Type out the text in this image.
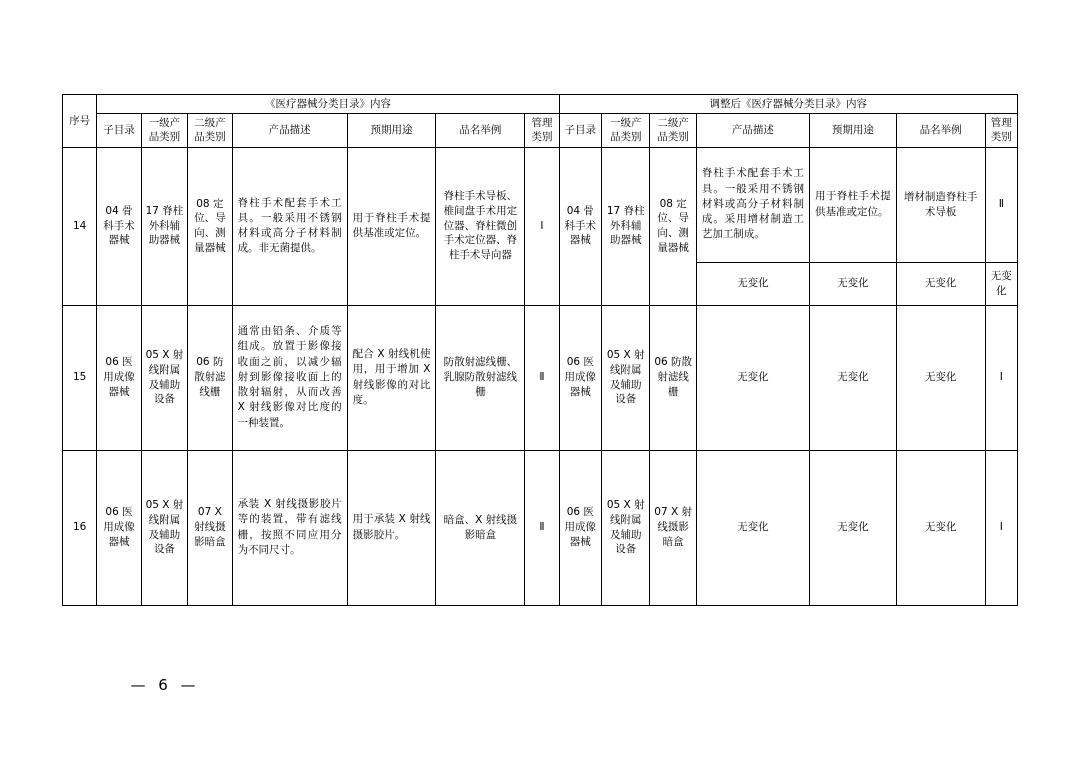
序号	《医疗器械分类目录》内容							调整后《医疗器械分类目录》内容						
	子目录	一级产品类别	二级产品类别	产品描述	预期用途	品名举例	管理类别	子目录	一级产品类别	二级产品类别	产品描述	预期用途	品名举例	管理类别
14	04 骨科手术器械	17 脊柱外科辅助器械	08 定位、导向、测量器械	脊柱手术配套手术工具。一般采用不锈钢材料或高分子材料制成。非无菌提供。	用于脊柱手术提供基准或定位。	脊柱手术导板、椎间盘手术用定位器、脊柱微创手术定位器、脊柱手术导向器	Ⅰ	04 骨科手术器械	17 脊柱外科辅助器械	08 定位、导向、测量器械	脊柱手术配套手术工具。一般采用不锈钢材料或高分子材料制成。采用增材制造工艺加工制成。	用于脊柱手术提供基准或定位。	增材制造脊柱手术导板	Ⅱ

											无变化	无变化	无变化	无变化

15	06 医用成像器械	05 X 射线附属及辅助设备	06 防散射滤线栅	通常由铅条、介质等组成。放置于影像接收面之前，以减少辐射到影像接收面上的散射辐射，从而改善 X 射线影像对比度的一种装置。	配合 X 射线机使用，用于增加 X 射线影像的对比度。	防散射滤线栅、乳腺防散射滤线栅	Ⅱ	06 医用成像器械	05 X 射线附属及辅助设备	06 防散射滤线栅	无变化	无变化	无变化	Ⅰ
16	06 医用成像器械	05 X 射线附属及辅助设备	07 X 射线摄影暗盒	承装 X 射线摄影胶片等的装置，带有滤线栅，按照不同应用分为不同尺寸。	用于承装 X 射线摄影胶片。	暗盒、X 射线摄影暗盒	Ⅱ	06 医用成像器械	05 X 射线附属及辅助设备	07 X 射线摄影暗盒	无变化	无变化	无变化	Ⅰ
— 6 —
